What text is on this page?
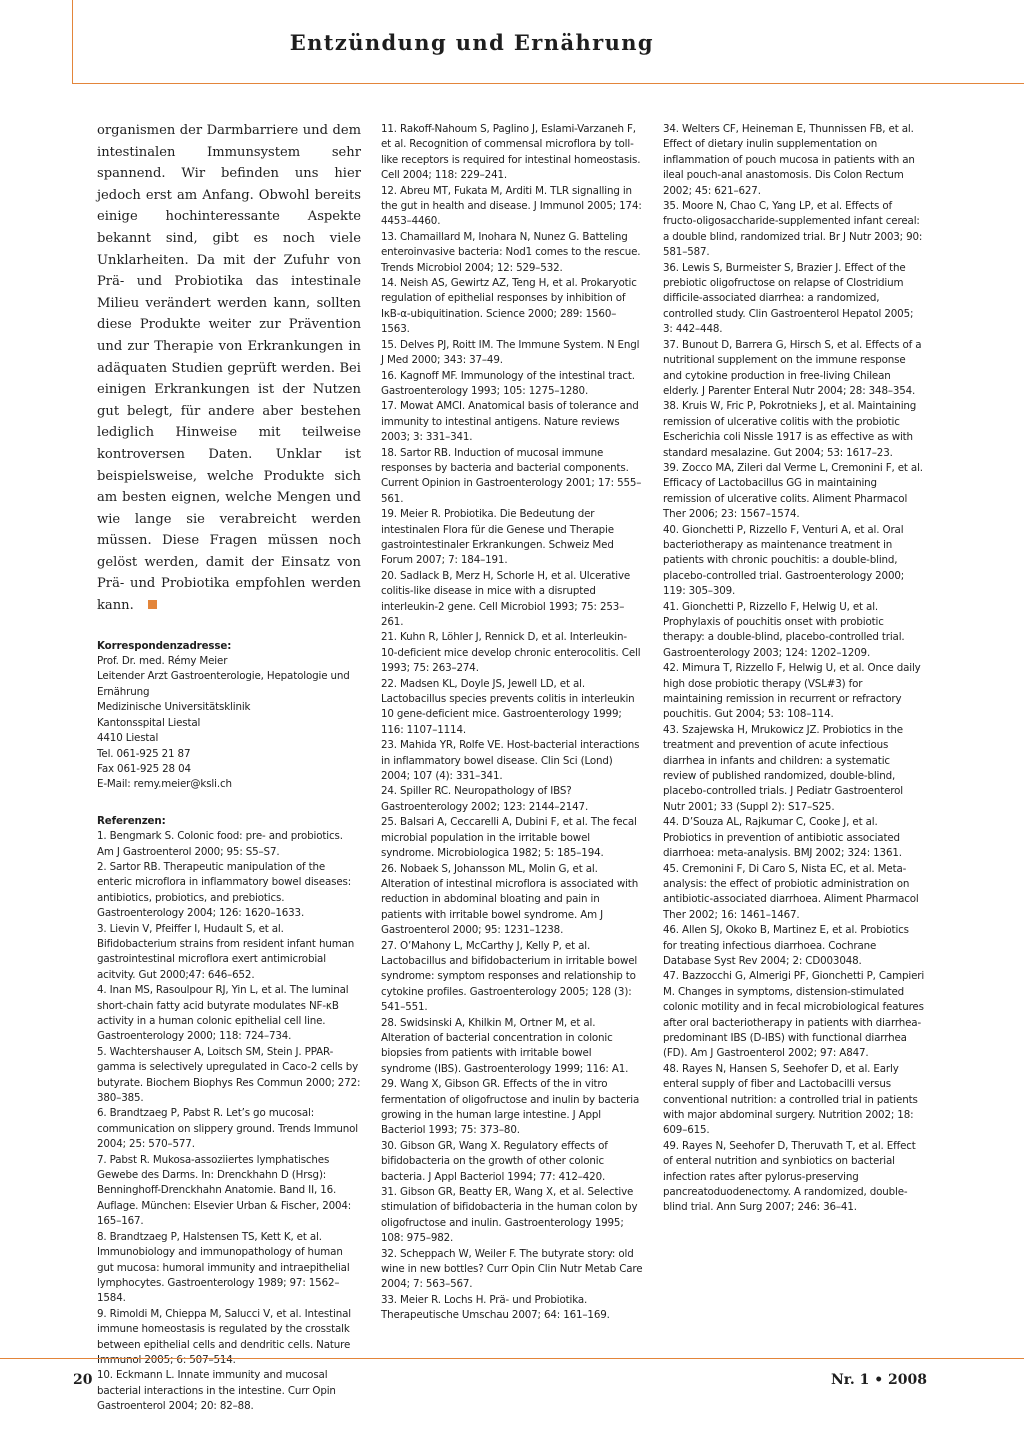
Entzündung und Ernährung

organismen der Darmbarriere und dem intestinalen Immunsystem sehr spannend. Wir befinden uns hier jedoch erst am Anfang. Obwohl bereits einige hochinteressante Aspekte bekannt sind, gibt es noch viele Unklarheiten. Da mit der Zufuhr von Prä- und Probiotika das intestinale Milieu verändert werden kann, sollten diese Produkte weiter zur Prävention und zur Therapie von Erkrankungen in adäquaten Studien geprüft werden. Bei einigen Erkrankungen ist der Nutzen gut belegt, für andere aber bestehen lediglich Hinweise mit teilweise kontroversen Daten. Unklar ist beispielsweise, welche Produkte sich am besten eignen, welche Mengen und wie lange sie verabreicht werden müssen. Diese Fragen müssen noch gelöst werden, damit der Einsatz von Prä- und Probiotika empfohlen werden kann.

Korrespondenzadresse:

Prof. Dr. med. Rémy Meier
Leitender Arzt Gastroenterologie, Hepatologie und Ernährung
Medizinische Universitätsklinik
Kantonsspital Liestal
4410 Liestal
Tel. 061-925 21 87
Fax 061-925 28 04
E-Mail: remy.meier@ksli.ch

Referenzen:

1. Bengmark S. Colonic food: pre- and probiotics. Am J Gastroenterol 2000; 95: S5–S7.

2. Sartor RB. Therapeutic manipulation of the enteric microflora in inflammatory bowel diseases: antibiotics, probiotics, and prebiotics. Gastroenterology 2004; 126: 1620–1633.

3. Lievin V, Pfeiffer I, Hudault S, et al. Bifidobacterium strains from resident infant human gastrointestinal microflora exert antimicrobial acitvity. Gut 2000;47: 646–652.

4. Inan MS, Rasoulpour RJ, Yin L, et al. The luminal short-chain fatty acid butyrate modulates NF-κB activity in a human colonic epithelial cell line. Gastroenterology 2000; 118: 724–734.

5. Wachtershauser A, Loitsch SM, Stein J. PPAR-gamma is selectively upregulated in Caco-2 cells by butyrate. Biochem Biophys Res Commun 2000; 272: 380–385.

6. Brandtzaeg P, Pabst R. Let’s go mucosal: communication on slippery ground. Trends Immunol 2004; 25: 570–577.

7. Pabst R. Mukosa-assoziiertes lymphatisches Gewebe des Darms. In: Drenckhahn D (Hrsg): Benninghoff-Drenckhahn Anatomie. Band II, 16. Auflage. München: Elsevier Urban & Fischer, 2004: 165–167.

8. Brandtzaeg P, Halstensen TS, Kett K, et al. Immunobiology and immunopathology of human gut mucosa: humoral immunity and intraepithelial lymphocytes. Gastroenterology 1989; 97: 1562–1584.

9. Rimoldi M, Chieppa M, Salucci V, et al. Intestinal immune homeostasis is regulated by the crosstalk between epithelial cells and dendritic cells. Nature Immunol 2005; 6: 507–514.

10. Eckmann L. Innate immunity and mucosal bacterial interactions in the intestine. Curr Opin Gastroenterol 2004; 20: 82–88.

11. Rakoff-Nahoum S, Paglino J, Eslami-Varzaneh F, et al. Recognition of commensal microflora by toll-like receptors is required for intestinal homeostasis. Cell 2004; 118: 229–241.

12. Abreu MT, Fukata M, Arditi M. TLR signalling in the gut in health and disease. J Immunol 2005; 174: 4453–4460.

13. Chamaillard M, Inohara N, Nunez G. Batteling enteroinvasive bacteria: Nod1 comes to the rescue. Trends Microbiol 2004; 12: 529–532.

14. Neish AS, Gewirtz AZ, Teng H, et al. Prokaryotic regulation of epithelial responses by inhibition of IκB-α-ubiquitination. Science 2000; 289: 1560–1563.

15. Delves PJ, Roitt IM. The Immune System. N Engl J Med 2000; 343: 37–49.

16. Kagnoff MF. Immunology of the intestinal tract. Gastroenterology 1993; 105: 1275–1280.

17. Mowat AMCI. Anatomical basis of tolerance and immunity to intestinal antigens. Nature reviews 2003; 3: 331–341.

18. Sartor RB. Induction of mucosal immune responses by bacteria and bacterial components. Current Opinion in Gastroenterology 2001; 17: 555–561.

19. Meier R. Probiotika. Die Bedeutung der intestinalen Flora für die Genese und Therapie gastrointestinaler Erkrankungen. Schweiz Med Forum 2007; 7: 184–191.

20. Sadlack B, Merz H, Schorle H, et al. Ulcerative colitis-like disease in mice with a disrupted interleukin-2 gene. Cell Microbiol 1993; 75: 253–261.

21. Kuhn R, Löhler J, Rennick D, et al. Interleukin-10-deficient mice develop chronic enterocolitis. Cell 1993; 75: 263–274.

22. Madsen KL, Doyle JS, Jewell LD, et al. Lactobacillus species prevents colitis in interleukin 10 gene-deficient mice. Gastroenterology 1999; 116: 1107–1114.

23. Mahida YR, Rolfe VE. Host-bacterial interactions in inflammatory bowel disease. Clin Sci (Lond) 2004; 107 (4): 331–341.

24. Spiller RC. Neuropathology of IBS? Gastroenterology 2002; 123: 2144–2147.

25. Balsari A, Ceccarelli A, Dubini F, et al. The fecal microbial population in the irritable bowel syndrome. Microbiologica 1982; 5: 185–194.

26. Nobaek S, Johansson ML, Molin G, et al. Alteration of intestinal microflora is associated with reduction in abdominal bloating and pain in patients with irritable bowel syndrome. Am J Gastroenterol 2000; 95: 1231–1238.

27. O’Mahony L, McCarthy J, Kelly P, et al. Lactobacillus and bifidobacterium in irritable bowel syndrome: symptom responses and relationship to cytokine profiles. Gastroenterology 2005; 128 (3): 541–551.

28. Swidsinski A, Khilkin M, Ortner M, et al. Alteration of bacterial concentration in colonic biopsies from patients with irritable bowel syndrome (IBS). Gastroenterology 1999; 116: A1.

29. Wang X, Gibson GR. Effects of the in vitro fermentation of oligofructose and inulin by bacteria growing in the human large intestine. J Appl Bacteriol 1993; 75: 373–80.

30. Gibson GR, Wang X. Regulatory effects of bifidobacteria on the growth of other colonic bacteria. J Appl Bacteriol 1994; 77: 412–420.

31. Gibson GR, Beatty ER, Wang X, et al. Selective stimulation of bifidobacteria in the human colon by oligofructose and inulin. Gastroenterology 1995; 108: 975–982.

32. Scheppach W, Weiler F. The butyrate story: old wine in new bottles? Curr Opin Clin Nutr Metab Care 2004; 7: 563–567.

33. Meier R. Lochs H. Prä- und Probiotika. Therapeutische Umschau 2007; 64: 161–169.

34. Welters CF, Heineman E, Thunnissen FB, et al. Effect of dietary inulin supplementation on inflammation of pouch mucosa in patients with an ileal pouch-anal anastomosis. Dis Colon Rectum 2002; 45: 621–627.

35. Moore N, Chao C, Yang LP, et al. Effects of fructo-oligosaccharide-supplemented infant cereal: a double blind, randomized trial. Br J Nutr 2003; 90: 581–587.

36. Lewis S, Burmeister S, Brazier J. Effect of the prebiotic oligofructose on relapse of Clostridium difficile-associated diarrhea: a randomized, controlled study. Clin Gastroenterol Hepatol 2005; 3: 442–448.

37. Bunout D, Barrera G, Hirsch S, et al. Effects of a nutritional supplement on the immune response and cytokine production in free-living Chilean elderly. J Parenter Enteral Nutr 2004; 28: 348–354.

38. Kruis W, Fric P, Pokrotnieks J, et al. Maintaining remission of ulcerative colitis with the probiotic Escherichia coli Nissle 1917 is as effective as with standard mesalazine. Gut 2004; 53: 1617–23.

39. Zocco MA, Zileri dal Verme L, Cremonini F, et al. Efficacy of Lactobacillus GG in maintaining remission of ulcerative colits. Aliment Pharmacol Ther 2006; 23: 1567–1574.

40. Gionchetti P, Rizzello F, Venturi A, et al. Oral bacteriotherapy as maintenance treatment in patients with chronic pouchitis: a double-blind, placebo-controlled trial. Gastroenterology 2000; 119: 305–309.

41. Gionchetti P, Rizzello F, Helwig U, et al. Prophylaxis of pouchitis onset with probiotic therapy: a double-blind, placebo-controlled trial. Gastroenterology 2003; 124: 1202–1209.

42. Mimura T, Rizzello F, Helwig U, et al. Once daily high dose probiotic therapy (VSL#3) for maintaining remission in recurrent or refractory pouchitis. Gut 2004; 53: 108–114.

43. Szajewska H, Mrukowicz JZ. Probiotics in the treatment and prevention of acute infectious diarrhea in infants and children: a systematic review of published randomized, double-blind, placebo-controlled trials. J Pediatr Gastroenterol Nutr 2001; 33 (Suppl 2): S17–S25.

44. D’Souza AL, Rajkumar C, Cooke J, et al. Probiotics in prevention of antibiotic associated diarrhoea: meta-analysis. BMJ 2002; 324: 1361.

45. Cremonini F, Di Caro S, Nista EC, et al. Meta-analysis: the effect of probiotic administration on antibiotic-associated diarrhoea. Aliment Pharmacol Ther 2002; 16: 1461–1467.

46. Allen SJ, Okoko B, Martinez E, et al. Probiotics for treating infectious diarrhoea. Cochrane Database Syst Rev 2004; 2: CD003048.

47. Bazzocchi G, Almerigi PF, Gionchetti P, Campieri M. Changes in symptoms, distension-stimulated colonic motility and in fecal microbiological features after oral bacteriotherapy in patients with diarrhea-predominant IBS (D-IBS) with functional diarrhea (FD). Am J Gastroenterol 2002; 97: A847.

48. Rayes N, Hansen S, Seehofer D, et al. Early enteral supply of fiber and Lactobacilli versus conventional nutrition: a controlled trial in patients with major abdominal surgery. Nutrition 2002; 18: 609–615.

49. Rayes N, Seehofer D, Theruvath T, et al. Effect of enteral nutrition and synbiotics on bacterial infection rates after pylorus-preserving pancreatoduodenectomy. A randomized, double-blind trial. Ann Surg 2007; 246: 36–41.

20	Nr. 1 • 2008
